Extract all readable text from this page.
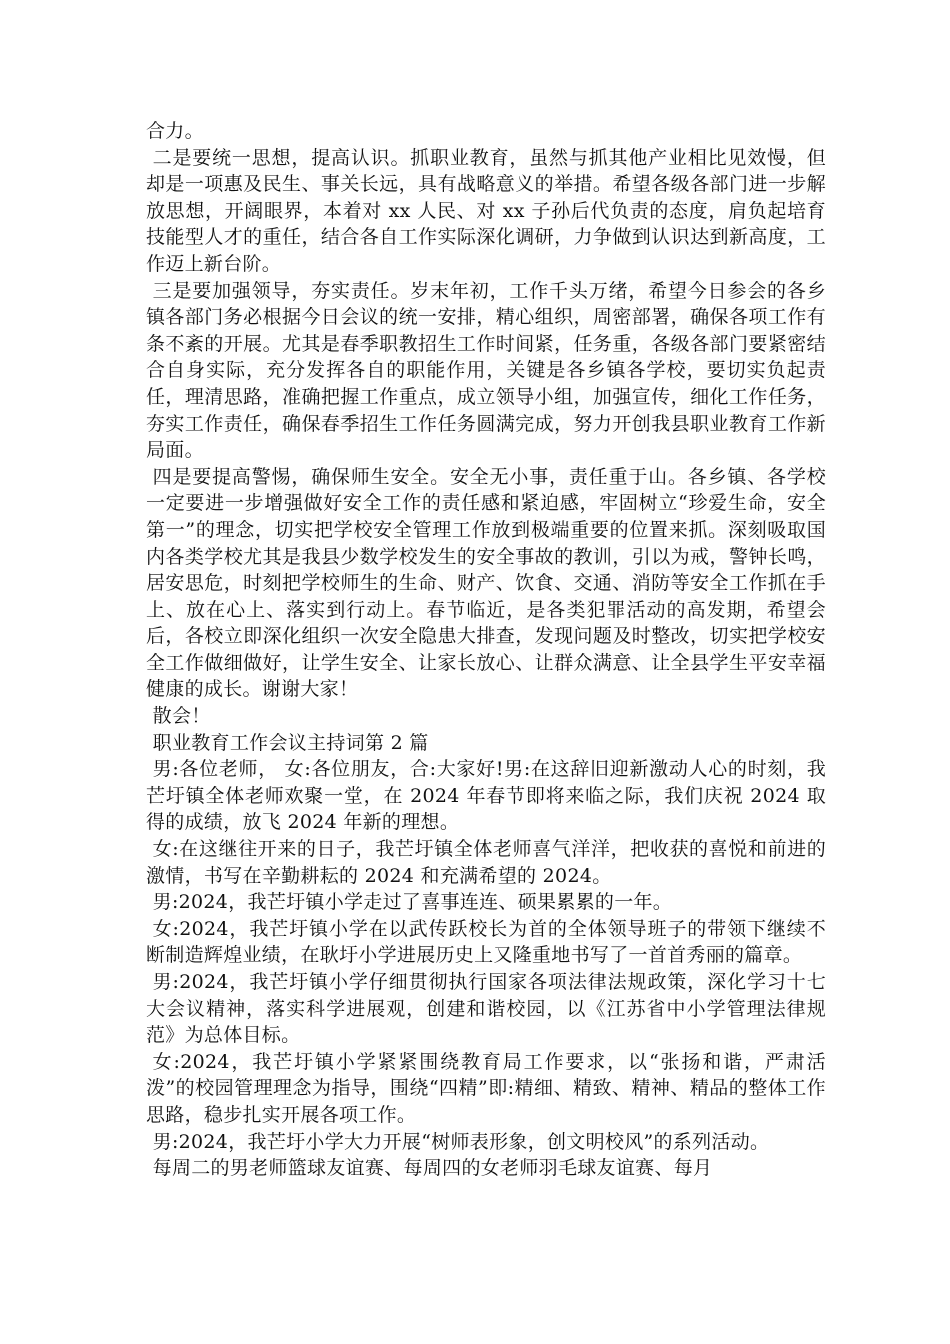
合力。

二是要统一思想，提高认识。抓职业教育，虽然与抓其他产业相比见效慢，但却是一项惠及民生、事关长远，具有战略意义的举措。希望各级各部门进一步解放思想，开阔眼界，本着对 xx 人民、对 xx 子孙后代负责的态度，肩负起培育技能型人才的重任，结合各自工作实际深化调研，力争做到认识达到新高度，工作迈上新台阶。

三是要加强领导，夯实责任。岁末年初，工作千头万绪，希望今日参会的各乡镇各部门务必根据今日会议的统一安排，精心组织，周密部署，确保各项工作有条不紊的开展。尤其是春季职教招生工作时间紧，任务重，各级各部门要紧密结合自身实际，充分发挥各自的职能作用，关键是各乡镇各学校，要切实负起责任，理清思路，准确把握工作重点，成立领导小组，加强宣传，细化工作任务，夯实工作责任，确保春季招生工作任务圆满完成，努力开创我县职业教育工作新局面。

四是要提高警惕，确保师生安全。安全无小事，责任重于山。各乡镇、各学校一定要进一步增强做好安全工作的责任感和紧迫感，牢固树立“珍爱生命，安全第一”的理念，切实把学校安全管理工作放到极端重要的位置来抓。深刻吸取国内各类学校尤其是我县少数学校发生的安全事故的教训，引以为戒，警钟长鸣，居安思危，时刻把学校师生的生命、财产、饮食、交通、消防等安全工作抓在手上、放在心上、落实到行动上。春节临近，是各类犯罪活动的高发期，希望会后，各校立即深化组织一次安全隐患大排查，发现问题及时整改，切实把学校安全工作做细做好，让学生安全、让家长放心、让群众满意、让全县学生平安幸福健康的成长。谢谢大家！

散会！

职业教育工作会议主持词第 2 篇

男:各位老师， 女:各位朋友，合:大家好!男:在这辞旧迎新激动人心的时刻，我芒圩镇全体老师欢聚一堂，在 2024 年春节即将来临之际，我们庆祝 2024 取得的成绩，放飞 2024 年新的理想。

女:在这继往开来的日子，我芒圩镇全体老师喜气洋洋，把收获的喜悦和前进的激情，书写在辛勤耕耘的 2024 和充满希望的 2024。

男:2024，我芒圩镇小学走过了喜事连连、硕果累累的一年。

女:2024，我芒圩镇小学在以武传跃校长为首的全体领导班子的带领下继续不断制造辉煌业绩，在耿圩小学进展历史上又隆重地书写了一首首秀丽的篇章。

男:2024，我芒圩镇小学仔细贯彻执行国家各项法律法规政策，深化学习十七大会议精神，落实科学进展观，创建和谐校园，以《江苏省中小学管理法律规范》为总体目标。

女:2024，我芒圩镇小学紧紧围绕教育局工作要求，以“张扬和谐，严肃活泼”的校园管理理念为指导，围绕“四精”即:精细、精致、精神、精品的整体工作思路，稳步扎实开展各项工作。

男:2024，我芒圩小学大力开展“树师表形象，创文明校风”的系列活动。

每周二的男老师篮球友谊赛、每周四的女老师羽毛球友谊赛、每月
